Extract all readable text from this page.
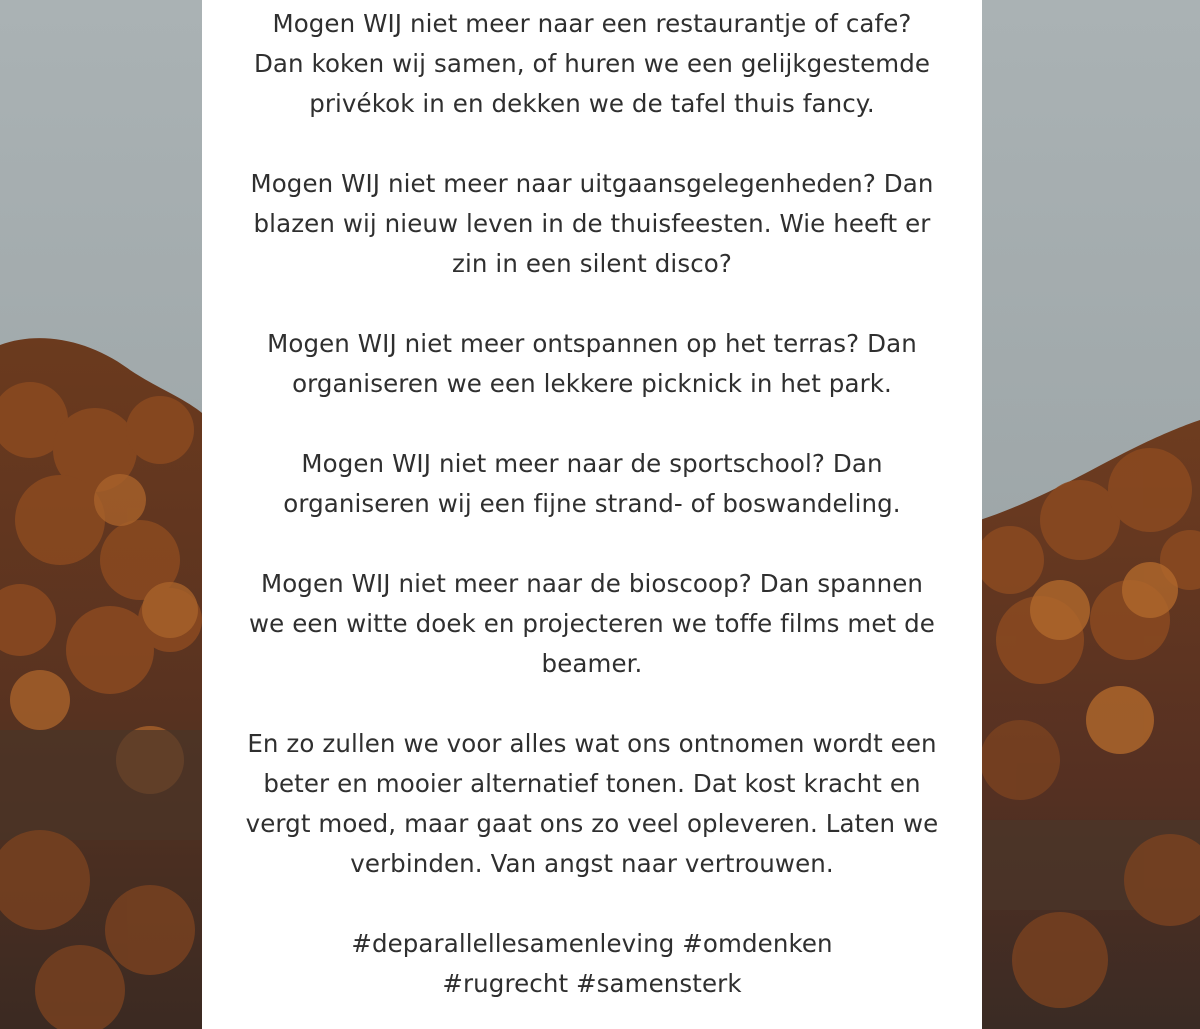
Mogen WIJ niet meer naar een restaurantje of cafe?
Dan koken wij samen, of huren we een gelijkgestemde
privékok in en dekken we de tafel thuis fancy.

Mogen WIJ niet meer naar uitgaansgelegenheden? Dan
blazen wij nieuw leven in de thuisfeesten. Wie heeft er
zin in een silent disco?

Mogen WIJ niet meer ontspannen op het terras? Dan
organiseren we een lekkere picknick in het park.

Mogen WIJ niet meer naar de sportschool? Dan
organiseren wij een fijne strand- of boswandeling.

Mogen WIJ niet meer naar de bioscoop? Dan spannen
we een witte doek en projecteren we toffe films met de
beamer.

En zo zullen we voor alles wat ons ontnomen wordt een
beter en mooier alternatief tonen. Dat kost kracht en
vergt moed, maar gaat ons zo veel opleveren. Laten we
verbinden. Van angst naar vertrouwen.

#deparallellesamenleving #omdenken
#rugrecht #samensterk
